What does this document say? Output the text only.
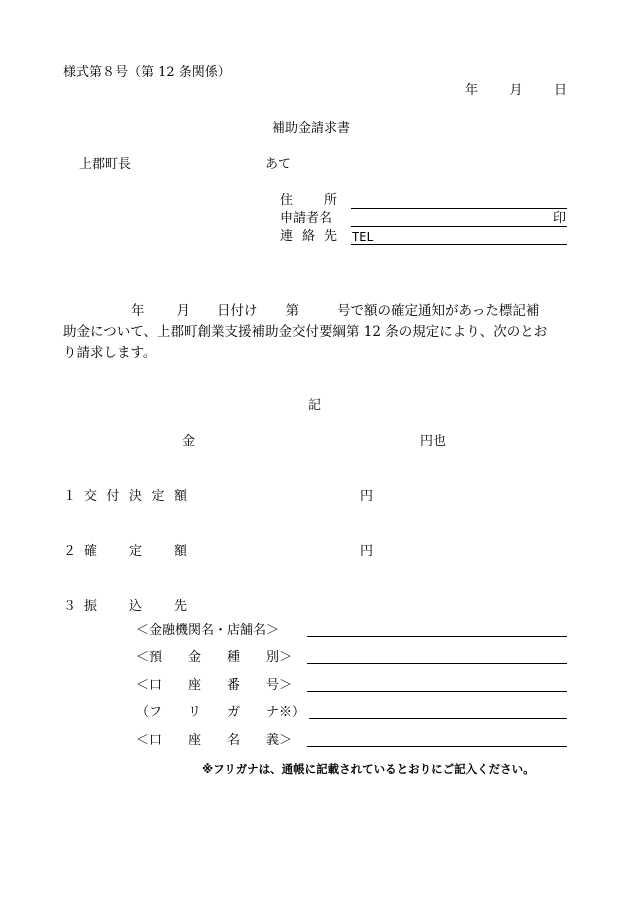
様式第８号（第 12 条関係）
年 月 日
補助金請求書
上郡町長	あて
住 所
申請者名	印
連 絡 先 TEL
年 月 日付け 第	号で額の確定通知があった標記補
助金について、上郡町創業支援補助金交付要綱第 12 条の規定により、次のとお
り請求します。
記
金	円也
１ 交 付 決 定 額	円
２ 確 定 額	円
３ 振 込 先
＜金融機関名・店舗名＞
＜預　　金　　種　　別＞
＜口　　座　　番　　号＞
（フ　　リ　　ガ　　ナ※）
＜口　　座　　名　　義＞
※フリガナは、通帳に記載されているとおりにご記入ください。
